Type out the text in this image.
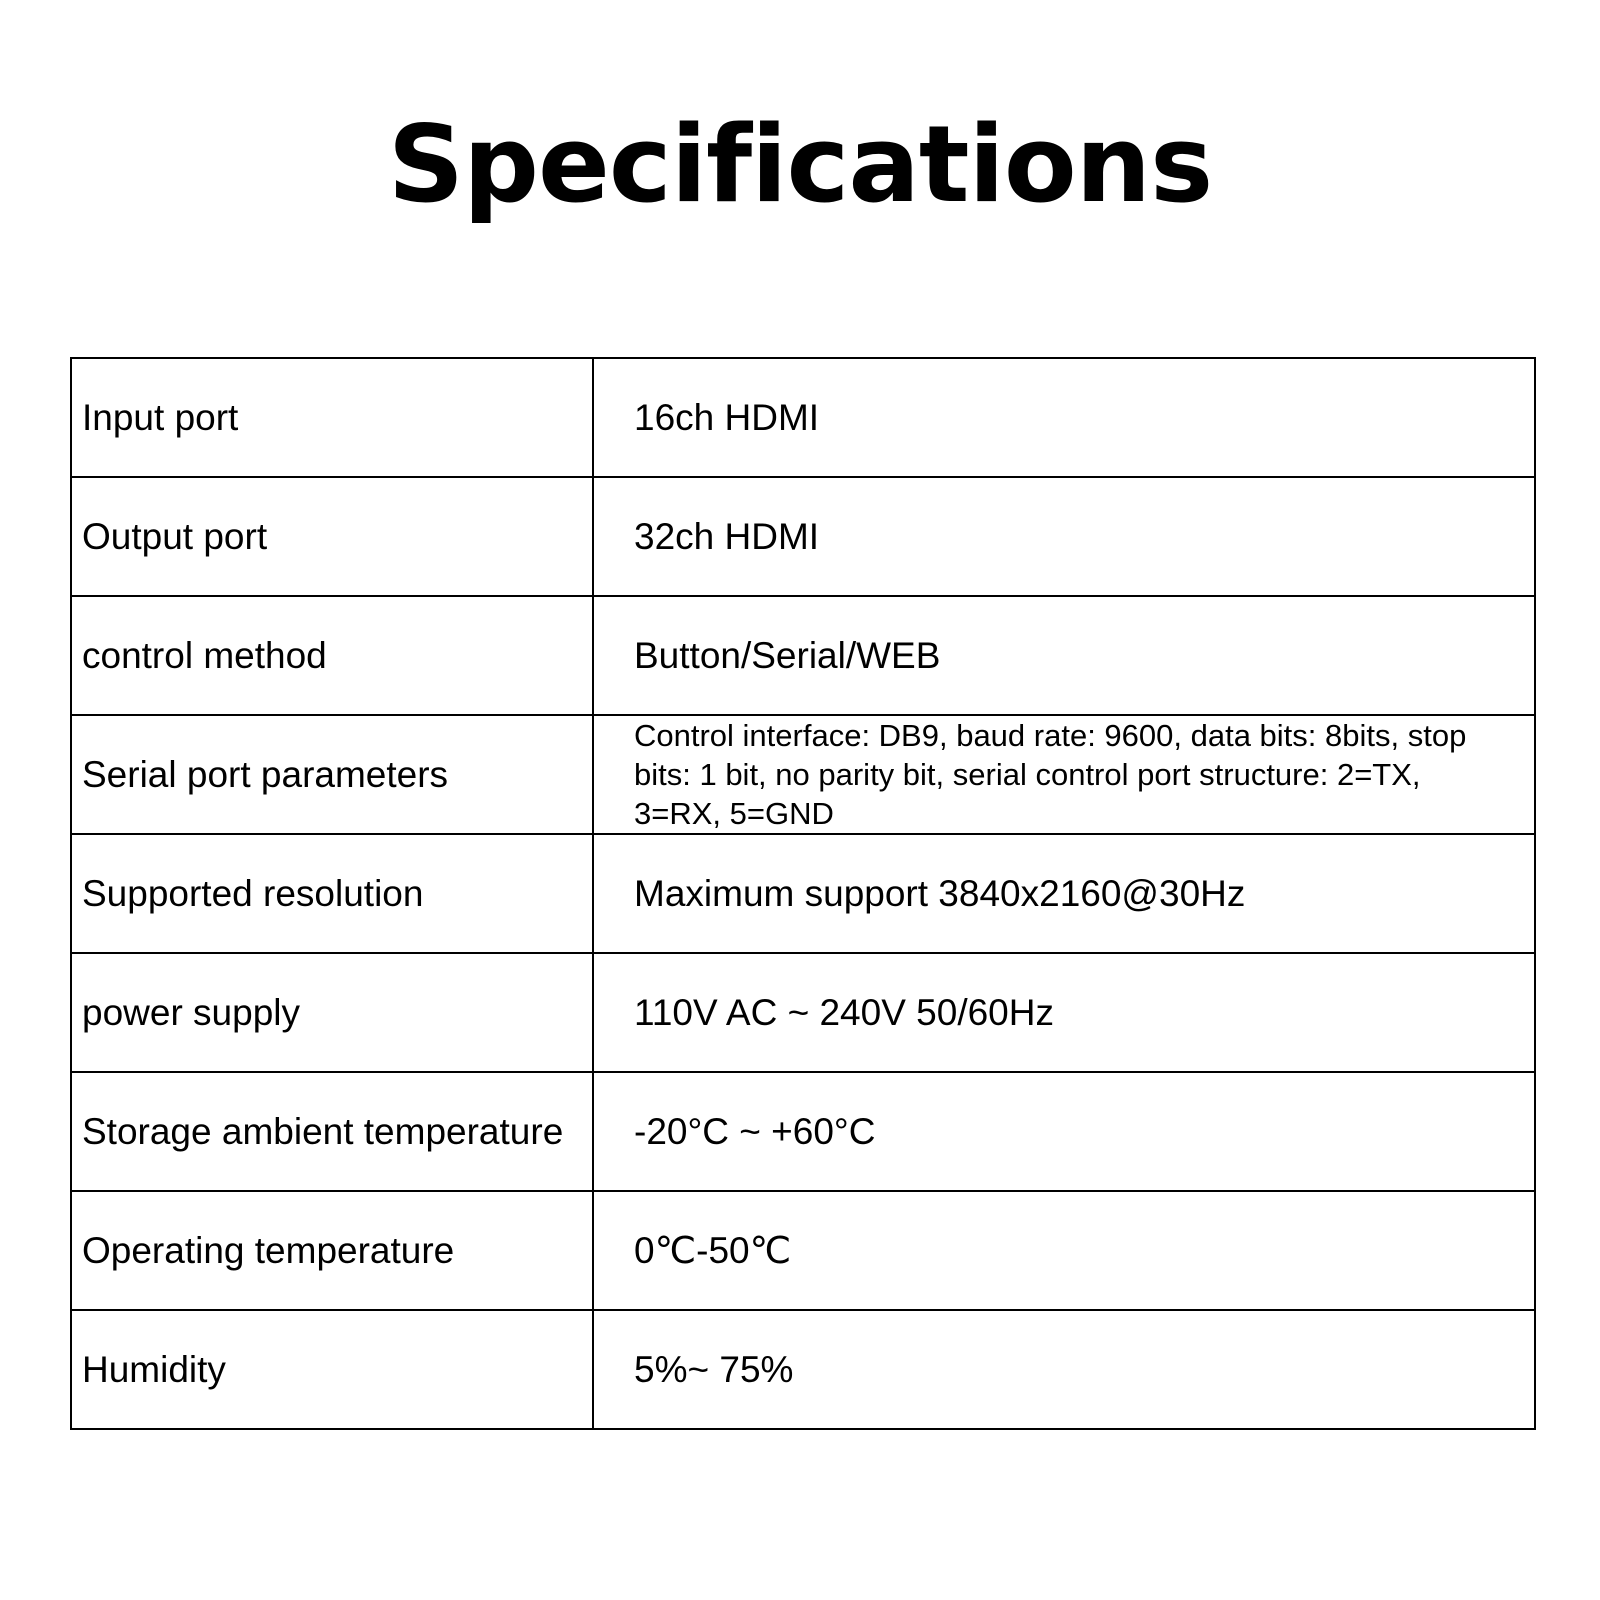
Specifications
Input port	16ch HDMI
Output port	32ch HDMI
control method	Button/Serial/WEB
Serial port parameters	Control interface: DB9, baud rate: 9600, data bits: 8bits, stop bits: 1 bit, no parity bit, serial control port structure: 2=TX, 3=RX, 5=GND
Supported resolution	Maximum support 3840x2160@30Hz
power supply	110V AC ~ 240V 50/60Hz
Storage ambient temperature	-20°C ~ +60°C
Operating temperature	0℃-50℃
Humidity	5%~ 75%
